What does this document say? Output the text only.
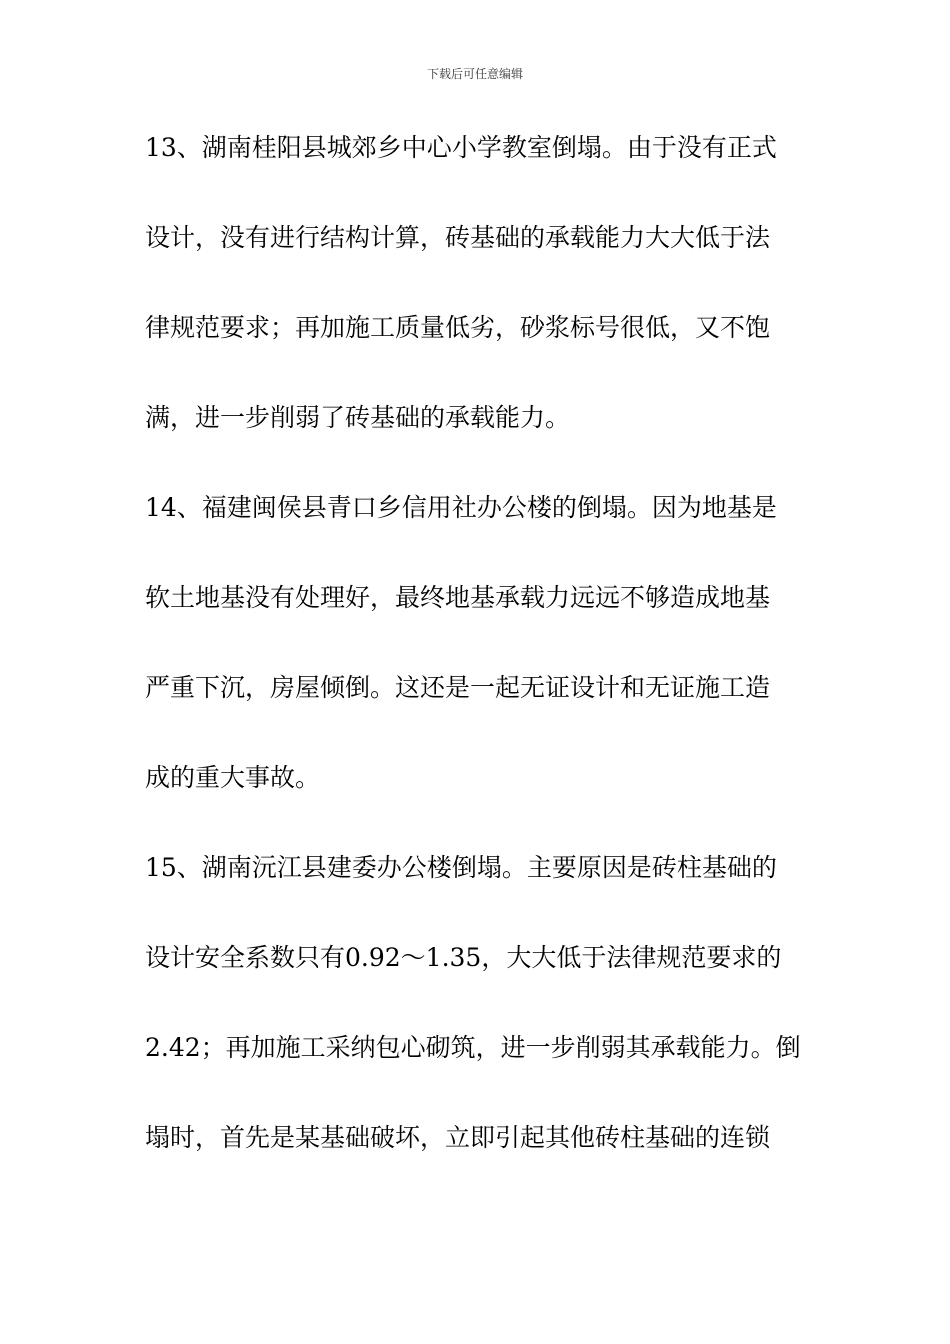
下载后可任意编辑
13、湖南桂阳县城郊乡中心小学教室倒塌。由于没有正式
设计，没有进行结构计算，砖基础的承载能力大大低于法
律规范要求；再加施工质量低劣，砂浆标号很低，又不饱
满，进一步削弱了砖基础的承载能力。
14、福建闽侯县青口乡信用社办公楼的倒塌。因为地基是
软土地基没有处理好，最终地基承载力远远不够造成地基
严重下沉，房屋倾倒。这还是一起无证设计和无证施工造
成的重大事故。
15、湖南沅江县建委办公楼倒塌。主要原因是砖柱基础的
设计安全系数只有0.92～1.35，大大低于法律规范要求的
2.42；再加施工采纳包心砌筑，进一步削弱其承载能力。倒
塌时，首先是某基础破坏，立即引起其他砖柱基础的连锁
